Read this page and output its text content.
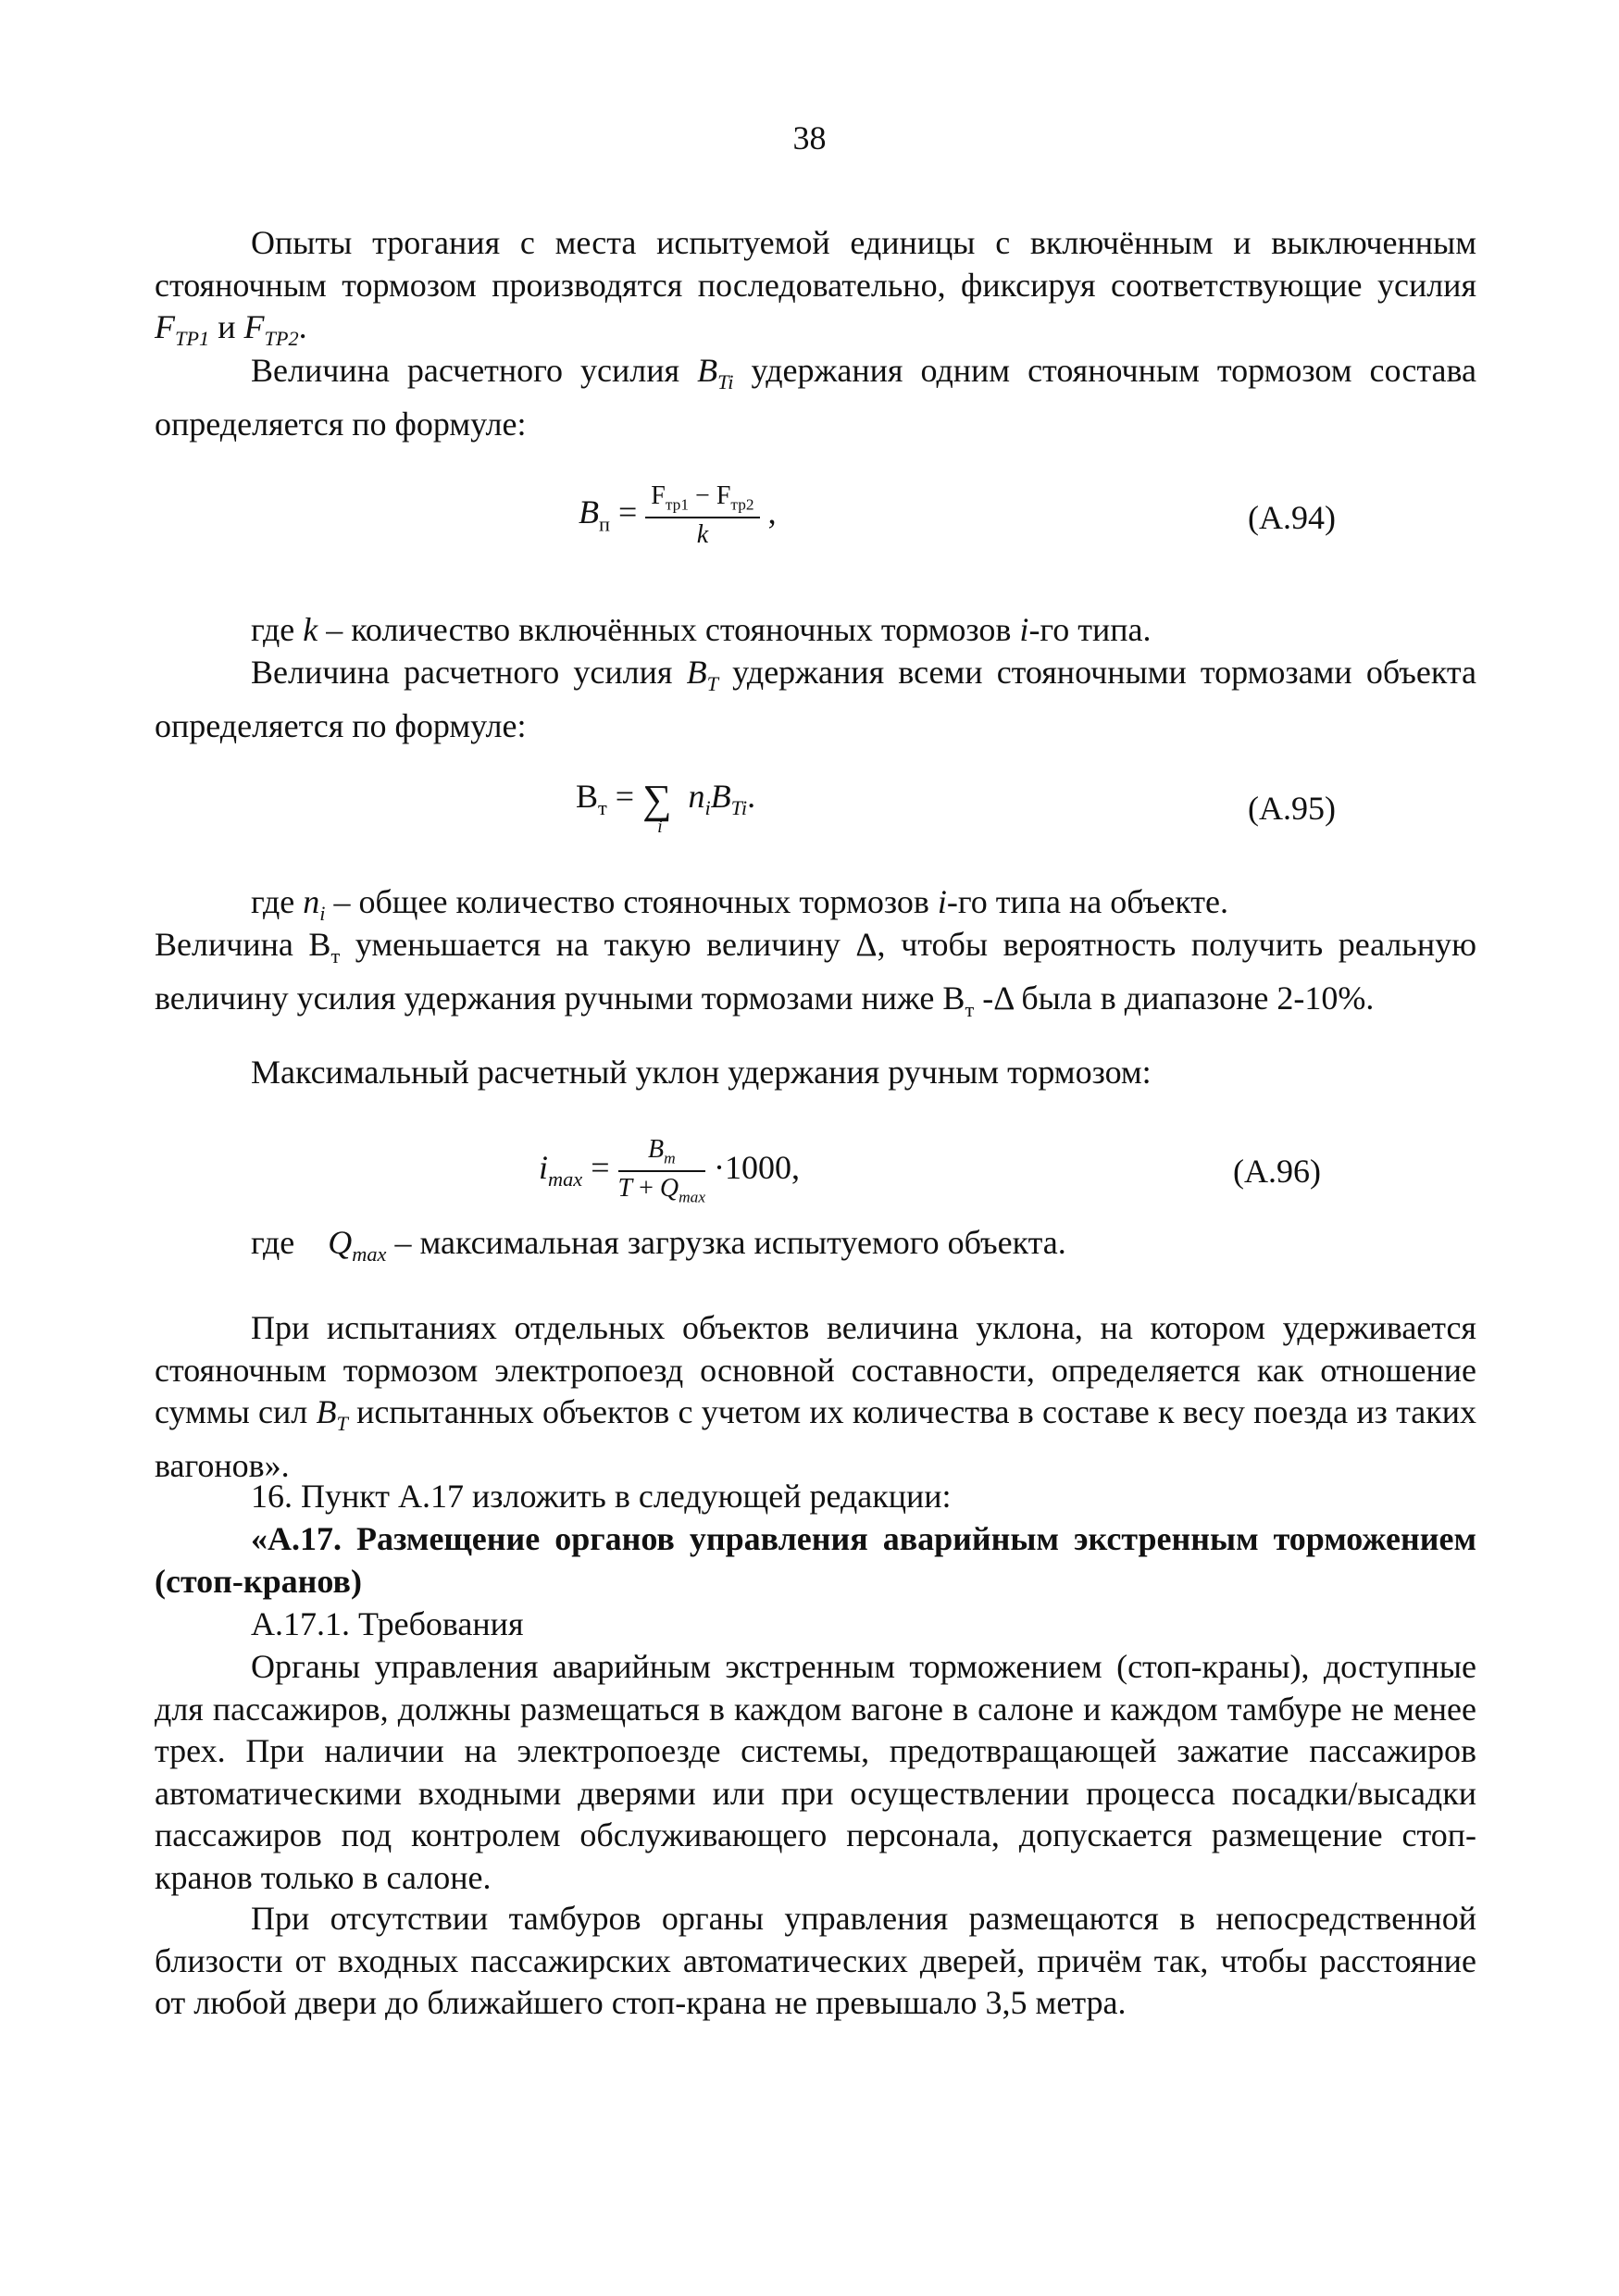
38

Опыты трогания с места испытуемой единицы с включённым и выключенным стояночным тормозом производятся последовательно, фиксируя соответствующие усилия $F_{TP1}$ и $F_{TP2}$.

Величина расчетного усилия $B_{Ti}$ удержания одним стояночным тормозом состава определяется по формуле:

$B_п = \frac{F_{тр1} - F_{тр2}}{k}$ ,	(А.94)

где k – количество включённых стояночных тормозов i-го типа.

Величина расчетного усилия $B_T$ удержания всеми стояночными тормозами объекта определяется по формуле:

$В_т$ = ∑
i
$n_iB_{Ti}$.	(А.95)

где $n_i$ – общее количество стояночных тормозов i-го типа на объекте.

Величина $В_т$ уменьшается на такую величину Δ, чтобы вероятность получить реальную величину усилия удержания ручными тормозами ниже $В_т$ -Δ была в диапазоне 2-10%.

Максимальный расчетный уклон удержания ручным тормозом:

$i_{max} = \frac{B_т}{T + Q_{max}} \cdot 1000$,	(А.96)

где    $Q_{max}$ – максимальная загрузка испытуемого объекта.

При испытаниях отдельных объектов величина уклона, на котором удерживается стояночным тормозом электропоезд основной составности, определяется как отношение суммы сил $B_T$ испытанных объектов с учетом их количества в составе к весу поезда из таких вагонов».

16. Пункт А.17 изложить в следующей редакции:

«А.17. Размещение органов управления аварийным экстренным торможением (стоп-кранов)

А.17.1. Требования

Органы управления аварийным экстренным торможением (стоп-краны), доступные для пассажиров, должны размещаться в каждом вагоне в салоне и каждом тамбуре не менее трех. При наличии на электропоезде системы, предотвращающей зажатие пассажиров автоматическими входными дверями или при осуществлении процесса посадки/высадки пассажиров под контролем обслуживающего персонала, допускается размещение стоп-кранов только в салоне.

При отсутствии тамбуров органы управления размещаются в непосредственной близости от входных пассажирских автоматических дверей, причём так, чтобы расстояние от любой двери до ближайшего стоп-крана не превышало 3,5 метра.
